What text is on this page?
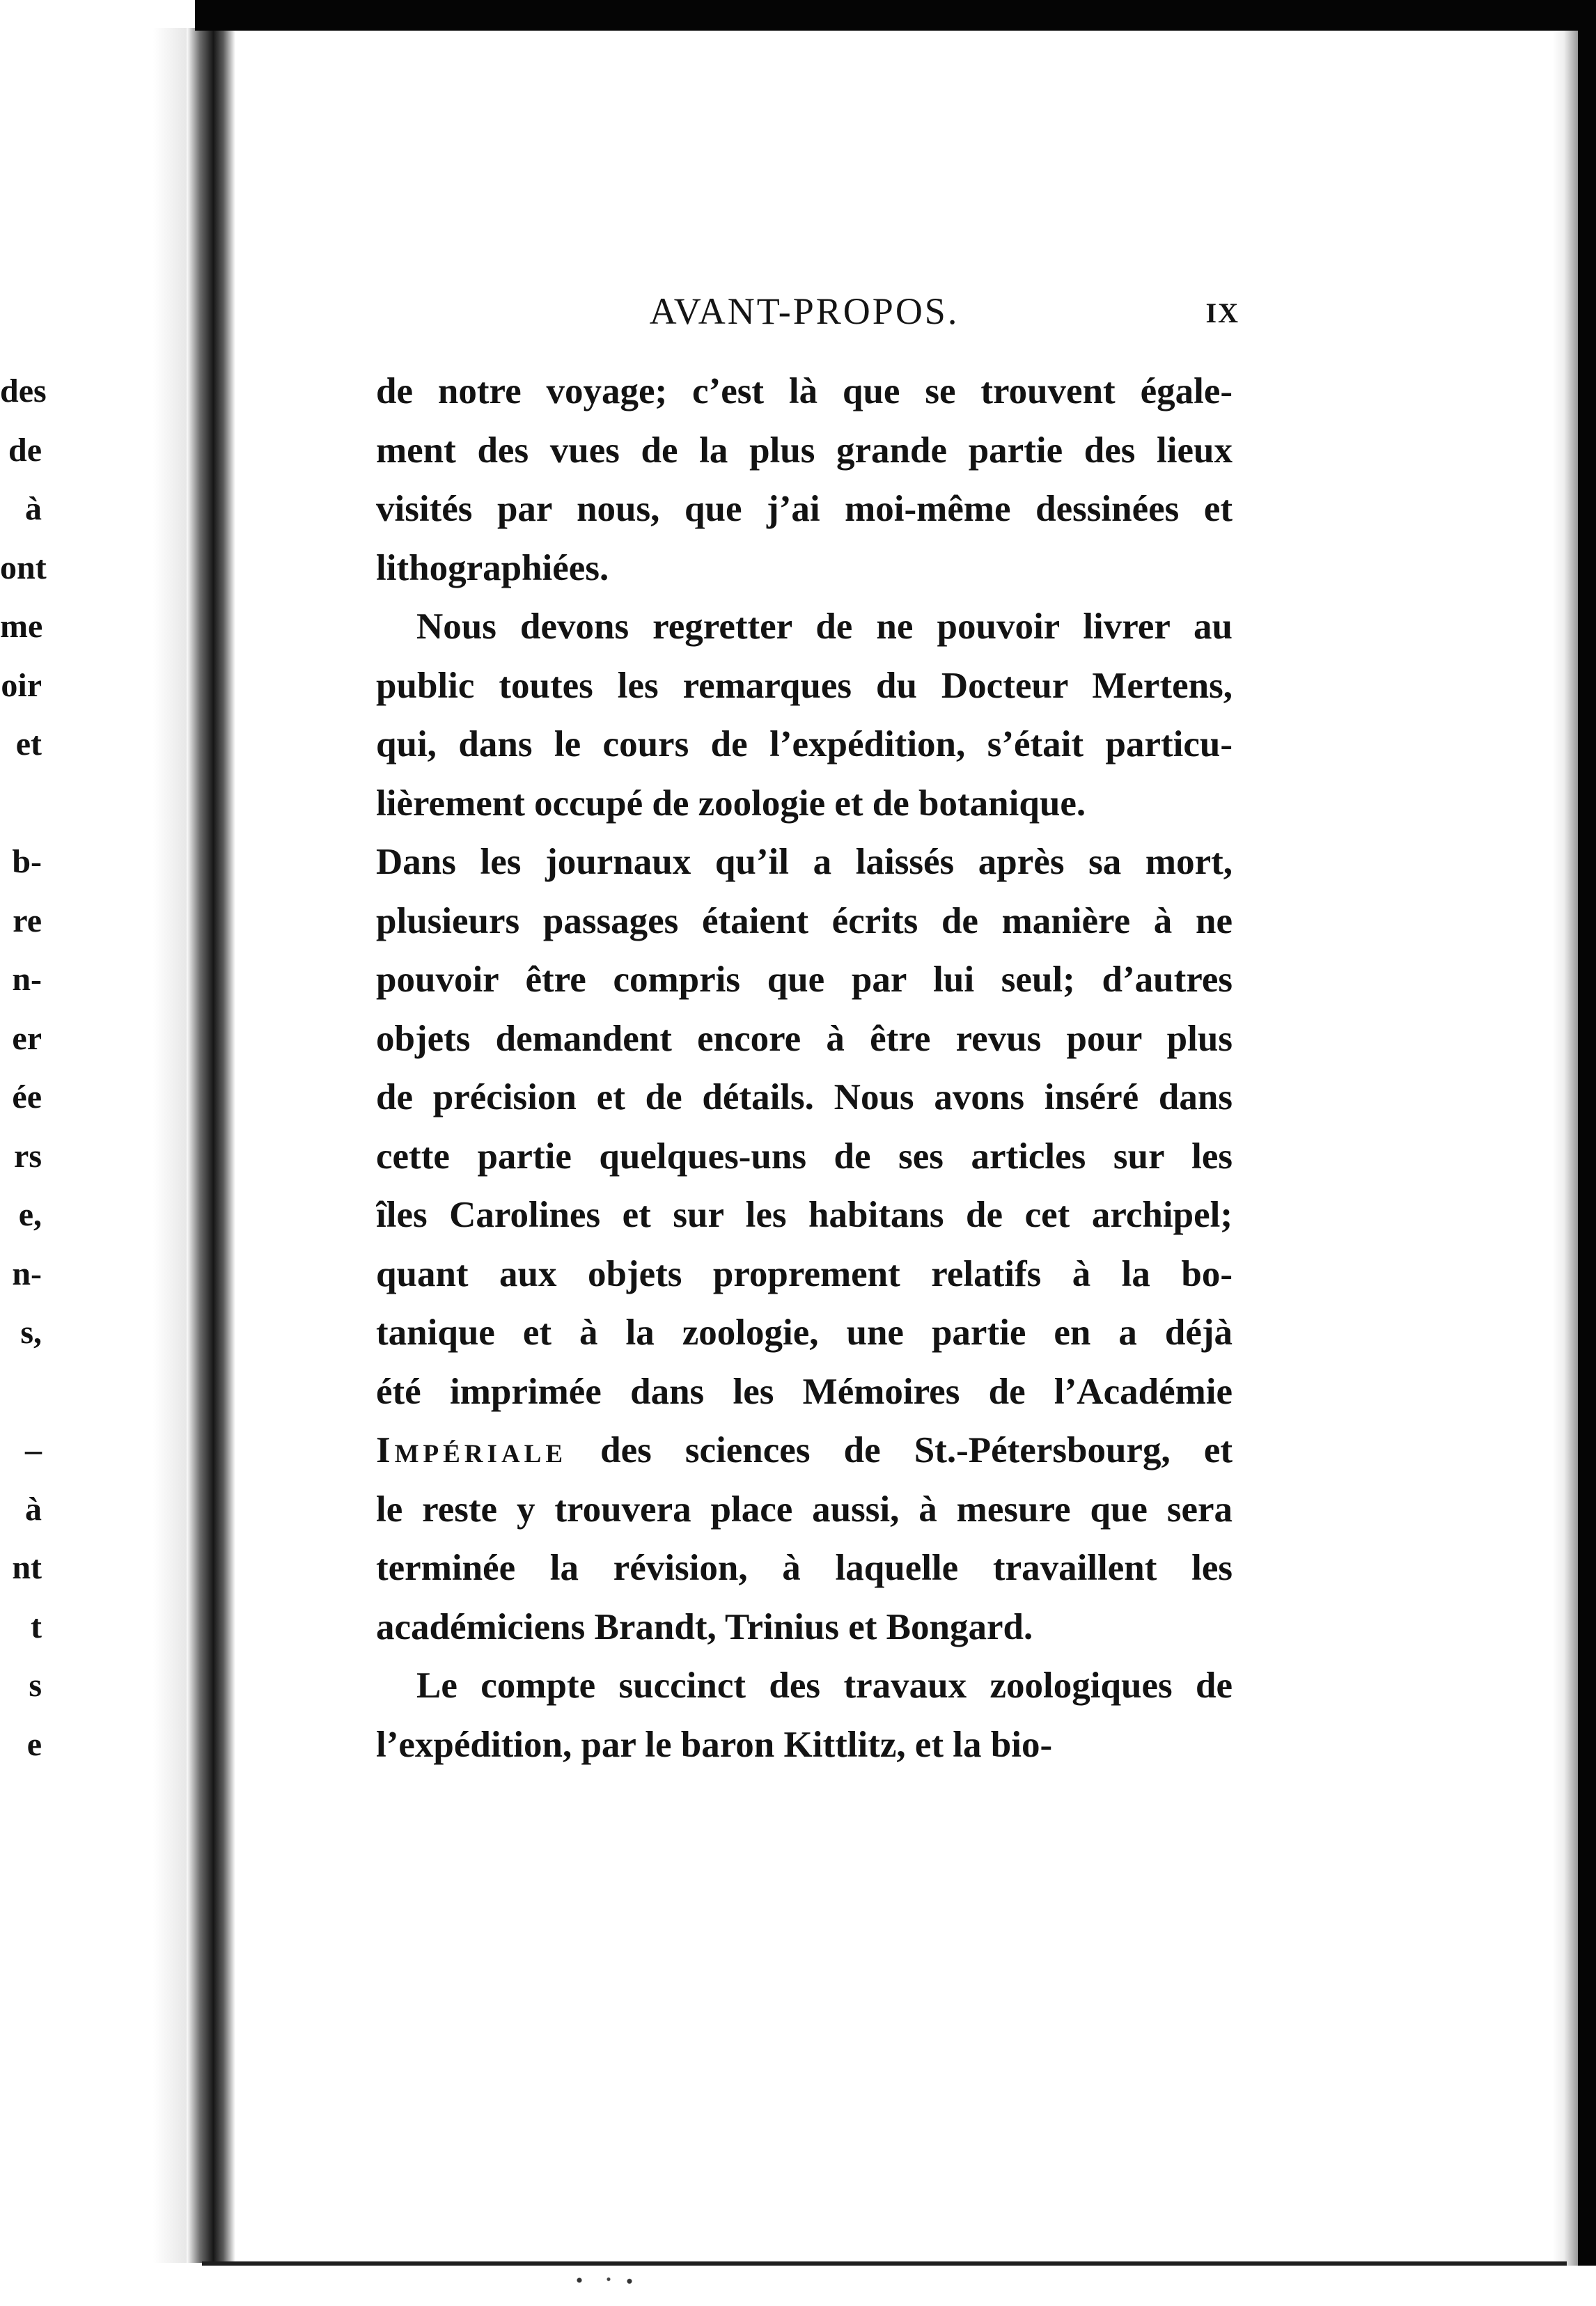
des
de
à
ont
me
oir
et
b-
re
n-
er
ée
rs
e,
n-
s,
–
à
nt
t
s
e
AVANT-PROPOS.	IX
de notre voyage; c’est là que se trouvent égale-
ment des vues de la plus grande partie des lieux
visités par nous, que j’ai moi-même dessinées et
lithographiées.
Nous devons regretter de ne pouvoir livrer au
public toutes les remarques du Docteur Mertens,
qui, dans le cours de l’expédition, s’était particu-
lièrement occupé de zoologie et de botanique.
Dans les journaux qu’il a laissés après sa mort,
plusieurs passages étaient écrits de manière à ne
pouvoir être compris que par lui seul; d’autres
objets demandent encore à être revus pour plus
de précision et de détails. Nous avons inséré dans
cette partie quelques-uns de ses articles sur les
îles Carolines et sur les habitans de cet archipel;
quant aux objets proprement relatifs à la bo-
tanique et à la zoologie, une partie en a déjà
été imprimée dans les Mémoires de l’Académie
Impériale des sciences de St.-Pétersbourg, et
le reste y trouvera place aussi, à mesure que sera
terminée la révision, à laquelle travaillent les
académiciens Brandt, Trinius et Bongard.
Le compte succinct des travaux zoologiques de
l’expédition, par le baron Kittlitz, et la bio-
